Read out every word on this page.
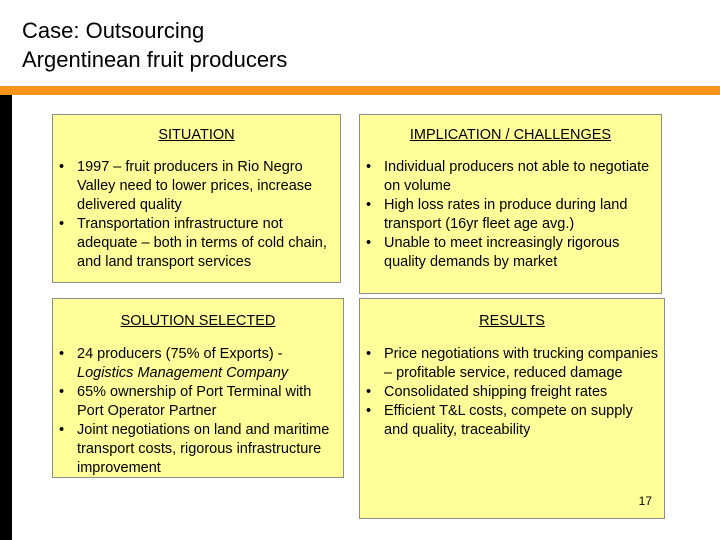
Case: Outsourcing
Argentinean fruit producers
SITUATION
• 1997 – fruit producers in Rio Negro Valley need to lower prices, increase delivered quality
• Transportation infrastructure not adequate – both in terms of cold chain, and land transport services
IMPLICATION / CHALLENGES
• Individual producers not able to negotiate on volume
• High loss rates in produce during land transport (16yr fleet age avg.)
• Unable to meet increasingly rigorous quality demands by market
SOLUTION SELECTED
• 24 producers (75% of Exports) - Logistics Management Company
• 65% ownership of Port Terminal with Port Operator Partner
• Joint negotiations on land and maritime transport costs, rigorous infrastructure improvement
RESULTS
• Price negotiations with trucking companies – profitable service, reduced damage
• Consolidated shipping freight rates
• Efficient T&L costs, compete on supply and quality, traceability
17
